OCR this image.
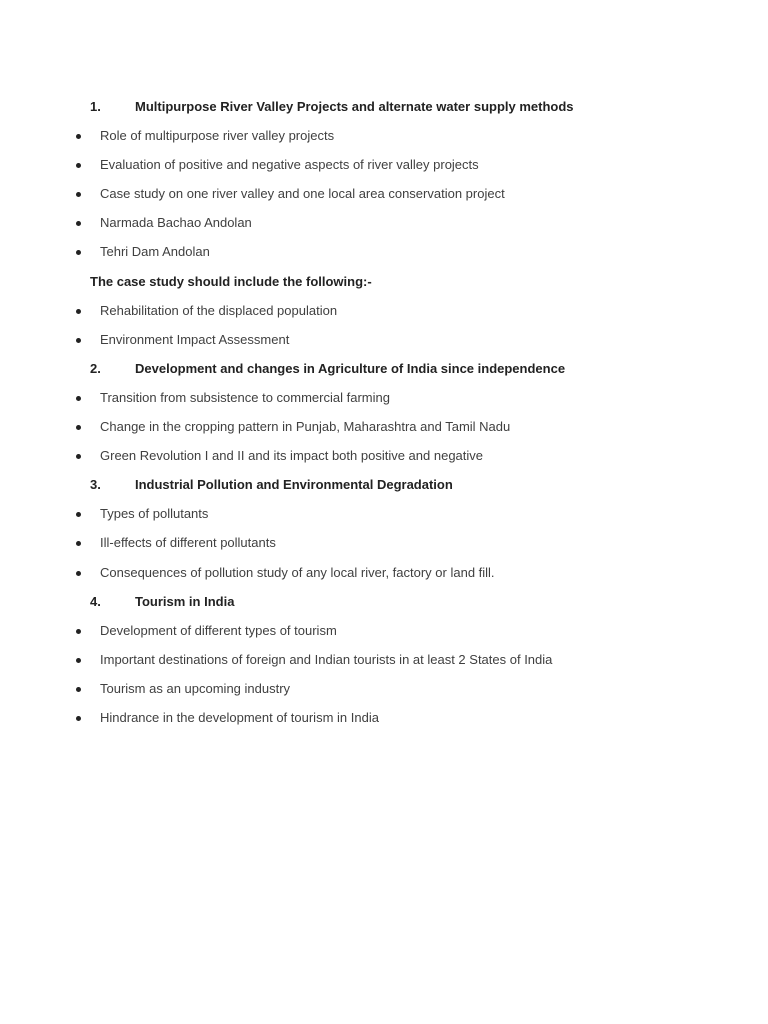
1.	Multipurpose River Valley Projects and alternate water supply methods
Role of multipurpose river valley projects
Evaluation of positive and negative aspects of river valley projects
Case study on one river valley and one local area conservation project
Narmada Bachao Andolan
Tehri Dam Andolan
The case study should include the following:-
Rehabilitation of the displaced population
Environment Impact Assessment
2.	Development and changes in Agriculture of India since independence
Transition from subsistence to commercial farming
Change in the cropping pattern in Punjab, Maharashtra and Tamil Nadu
Green Revolution I and II and its impact both positive and negative
3.	Industrial Pollution and Environmental Degradation
Types of pollutants
Ill-effects of different pollutants
Consequences of pollution study of any local river, factory or land fill.
4.	Tourism in India
Development of different types of tourism
Important destinations of foreign and Indian tourists in at least 2 States of India
Tourism as an upcoming industry
Hindrance in the development of tourism in India
